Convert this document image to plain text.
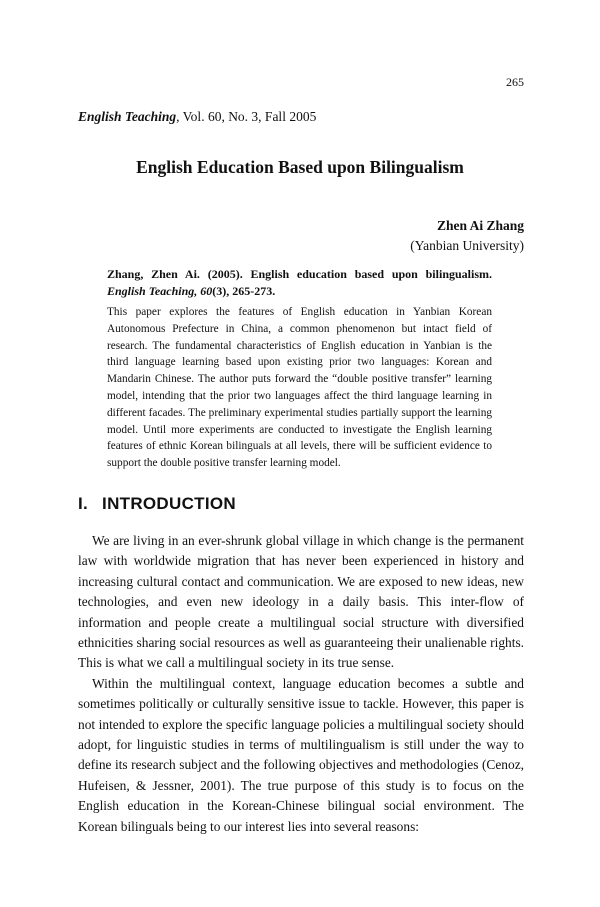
265
English Teaching, Vol. 60, No. 3, Fall 2005
English Education Based upon Bilingualism
Zhen Ai Zhang
(Yanbian University)
Zhang, Zhen Ai. (2005). English education based upon bilingualism. English Teaching, 60(3), 265-273.
This paper explores the features of English education in Yanbian Korean Autonomous Prefecture in China, a common phenomenon but intact field of research. The fundamental characteristics of English education in Yanbian is the third language learning based upon existing prior two languages: Korean and Mandarin Chinese. The author puts forward the “double positive transfer” learning model, intending that the prior two languages affect the third language learning in different facades. The preliminary experimental studies partially support the learning model. Until more experiments are conducted to investigate the English learning features of ethnic Korean bilinguals at all levels, there will be sufficient evidence to support the double positive transfer learning model.
I. INTRODUCTION

We are living in an ever-shrunk global village in which change is the permanent law with worldwide migration that has never been experienced in history and increasing cultural contact and communication. We are exposed to new ideas, new technologies, and even new ideology in a daily basis. This inter-flow of information and people create a multilingual social structure with diversified ethnicities sharing social resources as well as guaranteeing their unalienable rights. This is what we call a multilingual society in its true sense.

Within the multilingual context, language education becomes a subtle and sometimes politically or culturally sensitive issue to tackle. However, this paper is not intended to explore the specific language policies a multilingual society should adopt, for linguistic studies in terms of multilingualism is still under the way to define its research subject and the following objectives and methodologies (Cenoz, Hufeisen, & Jessner, 2001). The true purpose of this study is to focus on the English education in the Korean-Chinese bilingual social environment. The Korean bilinguals being to our interest lies into several reasons:
